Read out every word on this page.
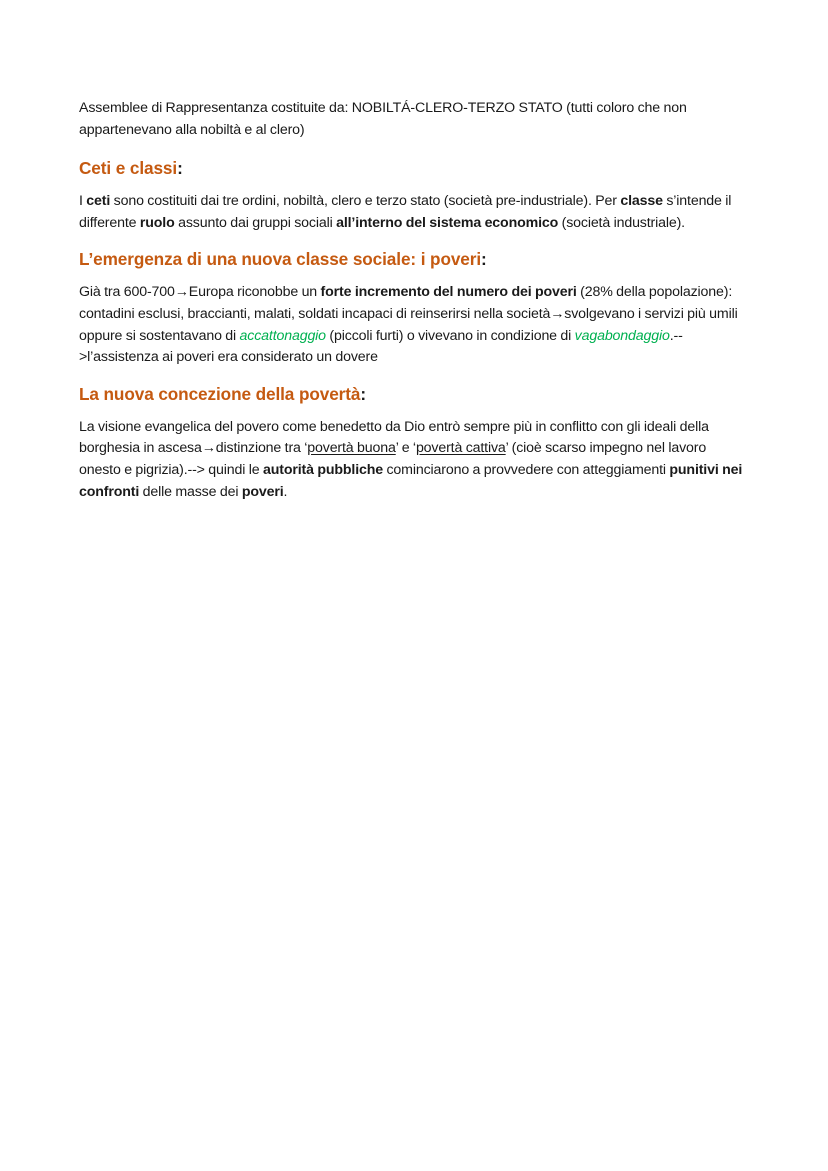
Assemblee di Rappresentanza costituite da: NOBILTÁ-CLERO-TERZO STATO (tutti coloro che non appartenevano alla nobiltà e al clero)

Ceti e classi:

I ceti sono costituiti dai tre ordini, nobiltà, clero e terzo stato (società pre-industriale). Per classe s’intende il differente ruolo assunto dai gruppi sociali all’interno del sistema economico (società industriale).

L’emergenza di una nuova classe sociale: i poveri:

Già tra 600-700→Europa riconobbe un forte incremento del numero dei poveri (28% della popolazione): contadini esclusi, braccianti, malati, soldati incapaci di reinserirsi nella società→svolgevano i servizi più umili oppure si sostentavano di accattonaggio (piccoli furti) o vivevano in condizione di vagabondaggio.-->l’assistenza ai poveri era considerato un dovere

La nuova concezione della povertà:

La visione evangelica del povero come benedetto da Dio entrò sempre più in conflitto con gli ideali della borghesia in ascesa→distinzione tra ‘povertà buona’ e ‘povertà cattiva’ (cioè scarso impegno nel lavoro onesto e pigrizia).--> quindi le autorità pubbliche cominciarono a provvedere con atteggiamenti punitivi nei confronti delle masse dei poveri.
